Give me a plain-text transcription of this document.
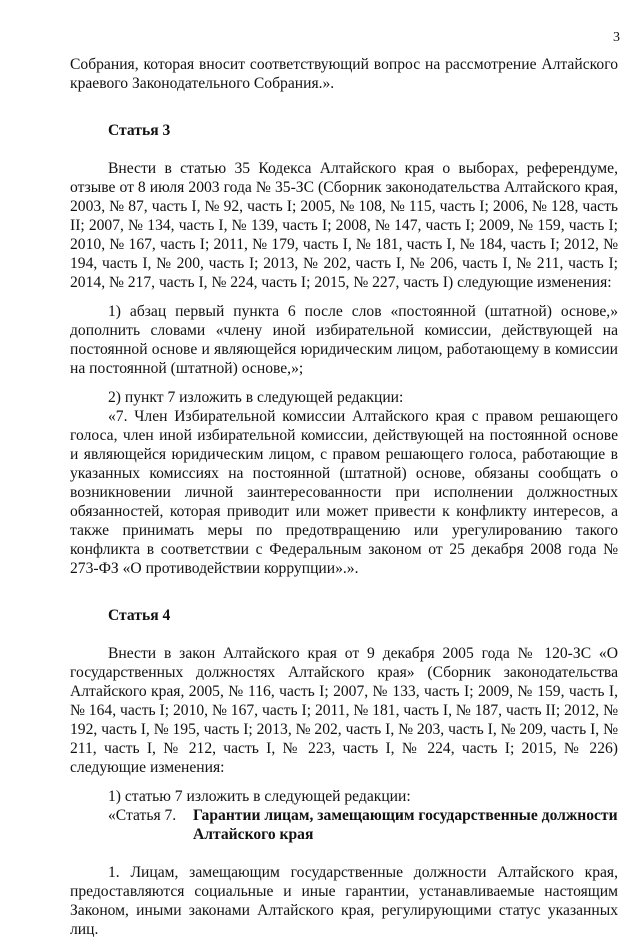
3

Собрания, которая вносит соответствующий вопрос на рассмотрение Алтайского краевого Законодательного Собрания.».

Статья 3

Внести в статью 35 Кодекса Алтайского края о выборах, референдуме, отзыве от 8 июля 2003 года № 35-ЗС (Сборник законодательства Алтайского края, 2003, № 87, часть I, № 92, часть I; 2005, № 108, № 115, часть I; 2006, № 128, часть II; 2007, № 134, часть I, № 139, часть I; 2008, № 147, часть I; 2009, № 159, часть I; 2010, № 167, часть I; 2011, № 179, часть I, № 181, часть I, № 184, часть I; 2012, № 194, часть I, № 200, часть I; 2013, № 202, часть I, № 206, часть I, № 211, часть I; 2014, № 217, часть I, № 224, часть I; 2015, № 227, часть I) следующие изменения:

1) абзац первый пункта 6 после слов «постоянной (штатной) основе,» дополнить словами «члену иной избирательной комиссии, действующей на постоянной основе и являющейся юридическим лицом, работающему в комиссии на постоянной (штатной) основе,»;

2) пункт 7 изложить в следующей редакции:

«7. Член Избирательной комиссии Алтайского края с правом решающего голоса, член иной избирательной комиссии, действующей на постоянной основе и являющейся юридическим лицом, с правом решающего голоса, работающие в указанных комиссиях на постоянной (штатной) основе, обязаны сообщать о возникновении личной заинтересованности при исполнении должностных обязанностей, которая приводит или может привести к конфликту интересов, а также принимать меры по предотвращению или урегулированию такого конфликта в соответствии с Федеральным законом от 25 декабря 2008 года № 273-ФЗ «О противодействии коррупции».».

Статья 4

Внести в закон Алтайского края от 9 декабря 2005 года № 120-ЗС «О государственных должностях Алтайского края» (Сборник законодательства Алтайского края, 2005, № 116, часть I; 2007, № 133, часть I; 2009, № 159, часть I, № 164, часть I; 2010, № 167, часть I; 2011, № 181, часть I, № 187, часть II; 2012, № 192, часть I, № 195, часть I; 2013, № 202, часть I, № 203, часть I, № 209, часть I, № 211, часть I, № 212, часть I, № 223, часть I, № 224, часть I; 2015, № 226) следующие изменения:

1) статью 7 изложить в следующей редакции:

«Статья 7.	Гарантии лицам, замещающим государственные должности Алтайского края

1. Лицам, замещающим государственные должности Алтайского края, предоставляются социальные и иные гарантии, устанавливаемые настоящим Законом, иными законами Алтайского края, регулирующими статус указанных лиц.
